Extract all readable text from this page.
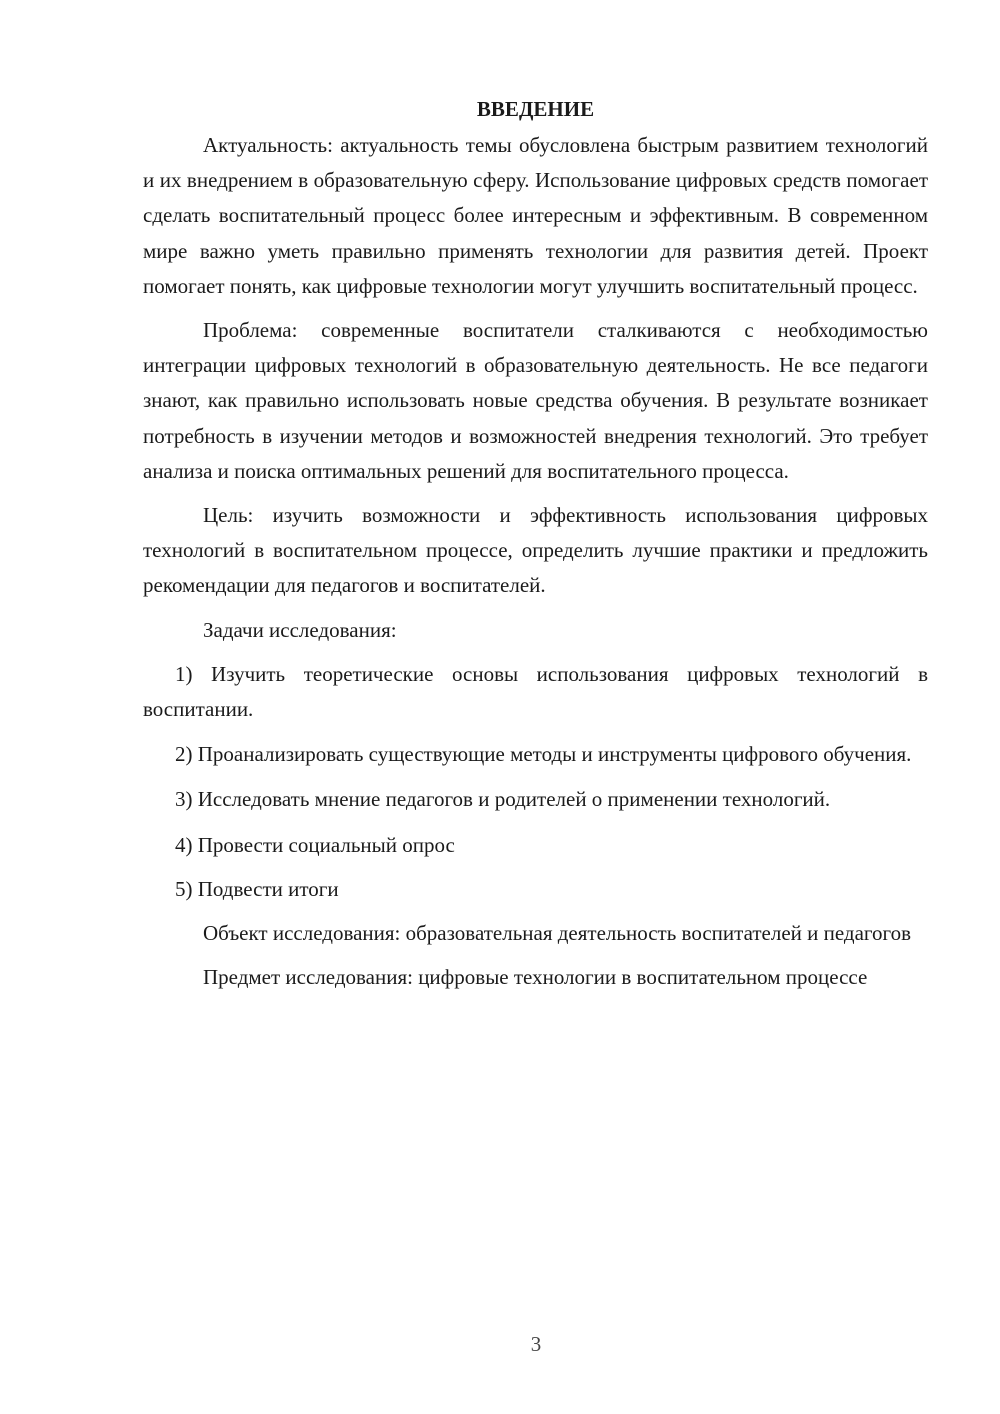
ВВЕДЕНИЕ

Актуальность: актуальность темы обусловлена быстрым развитием технологий и их внедрением в образовательную сферу. Использование цифровых средств помогает сделать воспитательный процесс более интересным и эффективным. В современном мире важно уметь правильно применять технологии для развития детей. Проект помогает понять, как цифровые технологии могут улучшить воспитательный процесс.

Проблема: современные воспитатели сталкиваются с необходимостью интеграции цифровых технологий в образовательную деятельность. Не все педагоги знают, как правильно использовать новые средства обучения. В результате возникает потребность в изучении методов и возможностей внедрения технологий. Это требует анализа и поиска оптимальных решений для воспитательного процесса.

Цель: изучить возможности и эффективность использования цифровых технологий в воспитательном процессе, определить лучшие практики и предложить рекомендации для педагогов и воспитателей.

Задачи исследования:

1) Изучить теоретические основы использования цифровых технологий в воспитании.

2) Проанализировать существующие методы и инструменты цифрового обучения.

3) Исследовать мнение педагогов и родителей о применении технологий.

4) Провести социальный опрос

5) Подвести итоги

Объект исследования: образовательная деятельность воспитателей и педагогов

Предмет исследования: цифровые технологии в воспитательном процессе

3
